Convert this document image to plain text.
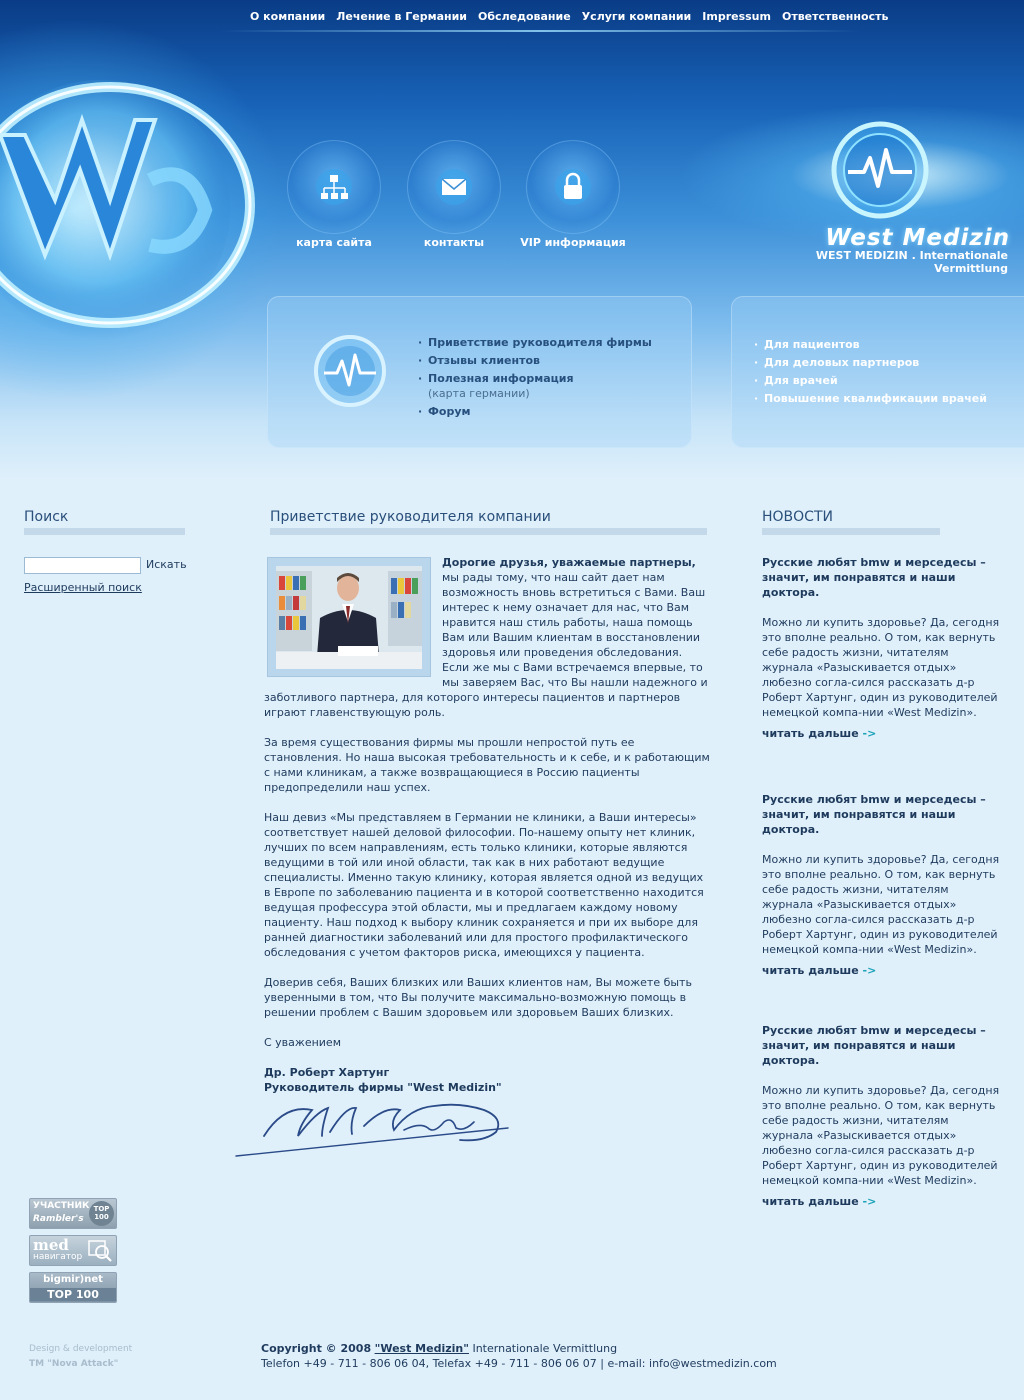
О компании Лечение в Германии Обследование Услуги компании Impressum Ответственность
карта сайта	контакты	VIP информация	West Medizin
WEST MEDIZIN . Internationale Vermittlung
· Приветствие руководителя фирмы
· Отзывы клиентов
· Полезная информация
(карта германии)
· Форум
· Для пациентов
· Для деловых партнеров
· Для врачей
· Повышение квалификации врачей
Поиск
Искать
Расширенный поиск
Приветствие руководителя компании

Дорогие друзья, уважаемые партнеры, мы рады тому, что наш сайт дает нам возможность вновь встретиться с Вами. Ваш интерес к нему означает для нас, что Вам нравится наш стиль работы, наша помощь Вам или Вашим клиентам в восстановлении здоровья или проведения обследования. Если же мы с Вами встречаемся впервые, то мы заверяем Вас, что Вы нашли надежного и заботливого партнера, для которого интересы пациентов и партнеров играют главенствующую роль.

За время существования фирмы мы прошли непростой путь ее становления. Но наша высокая требовательность и к себе, и к работающим с нами клиникам, а также возвращающиеся в Россию пациенты предопределили наш успех.

Наш девиз «Мы представляем в Германии не клиники, а Ваши интересы» соответствует нашей деловой философии. По-нашему опыту нет клиник, лучших по всем направлениям, есть только клиники, которые являются ведущими в той или иной области, так как в них работают ведущие специалисты. Именно такую клинику, которая является одной из ведущих в Европе по заболеванию пациента и в которой соответственно находится ведущая профессура этой области, мы и предлагаем каждому новому пациенту. Наш подход к выбору клиник сохраняется и при их выборе для ранней диагностики заболеваний или для простого профилактического обследования с учетом факторов риска, имеющихся у пациента.

Доверив себя, Ваших близких или Ваших клиентов нам, Вы можете быть уверенными в том, что Вы получите максимально-возможную помощь в решении проблем с Вашим здоровьем или здоровьем Ваших близких.

С уважением

Др. Роберт Хартунг
Руководитель фирмы "West Medizin"
НОВОСТИ
Русские любят bmw и мерседесы – значит, им понравятся и наши доктора.
Можно ли купить здоровье? Да, сегодня это вполне реально. О том, как вернуть себе радость жизни, читателям журнала «Разыскивается отдых» любезно согла-сился рассказать д-р Роберт Хартунг, один из руководителей немецкой компа-нии «West Medizin».
читать дальше ->
Русские любят bmw и мерседесы – значит, им понравятся и наши доктора.
Можно ли купить здоровье? Да, сегодня это вполне реально. О том, как вернуть себе радость жизни, читателям журнала «Разыскивается отдых» любезно согла-сился рассказать д-р Роберт Хартунг, один из руководителей немецкой компа-нии «West Medizin».
читать дальше ->
Русские любят bmw и мерседесы – значит, им понравятся и наши доктора.
Можно ли купить здоровье? Да, сегодня это вполне реально. О том, как вернуть себе радость жизни, читателям журнала «Разыскивается отдых» любезно согла-сился рассказать д-р Роберт Хартунг, один из руководителей немецкой компа-нии «West Medizin».
читать дальше ->
УЧАСТНИК
Rambler's
TOP 100
med
навигатор
bigmir)net
TOP 100
Design & development
TM "Nova Attack"
Copyright © 2008 "West Medizin" Internationale Vermittlung
Telefon +49 - 711 - 806 06 04, Telefax +49 - 711 - 806 06 07 | e-mail: info@westmedizin.com
